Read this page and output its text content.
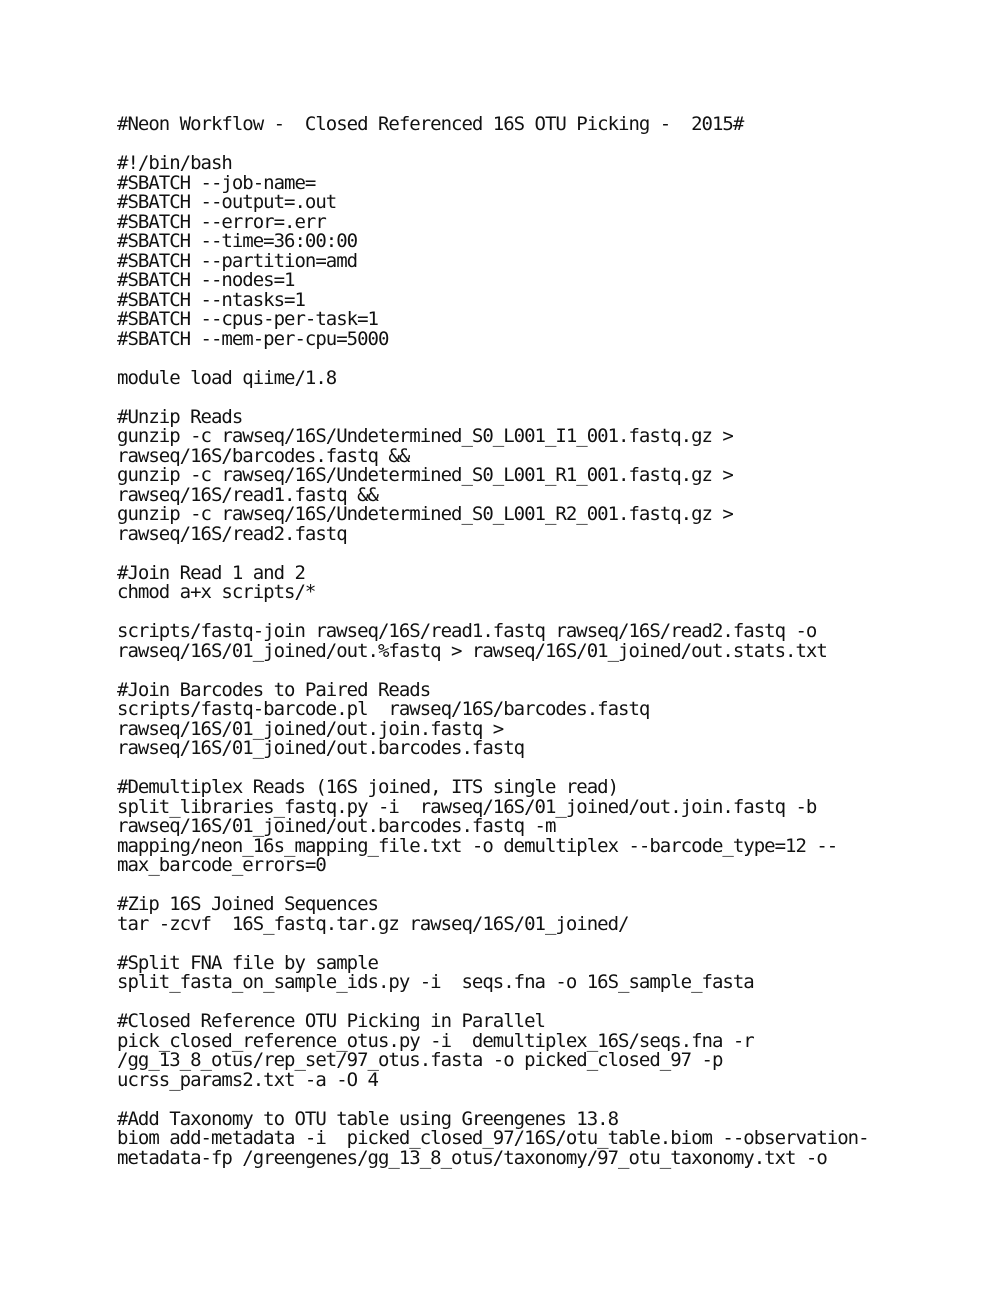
#Neon Workflow - Closed Referenced 16S OTU Picking - 2015#

#!/bin/bash
#SBATCH --job-name=
#SBATCH --output=.out
#SBATCH --error=.err
#SBATCH --time=36:00:00
#SBATCH --partition=amd
#SBATCH --nodes=1
#SBATCH --ntasks=1
#SBATCH --cpus-per-task=1
#SBATCH --mem-per-cpu=5000

module load qiime/1.8

#Unzip Reads
gunzip -c rawseq/16S/Undetermined_S0_L001_I1_001.fastq.gz >
rawseq/16S/barcodes.fastq &&
gunzip -c rawseq/16S/Undetermined_S0_L001_R1_001.fastq.gz >
rawseq/16S/read1.fastq &&
gunzip -c rawseq/16S/Undetermined_S0_L001_R2_001.fastq.gz >
rawseq/16S/read2.fastq

#Join Read 1 and 2
chmod a+x scripts/*

scripts/fastq-join rawseq/16S/read1.fastq rawseq/16S/read2.fastq -o
rawseq/16S/01_joined/out.%fastq > rawseq/16S/01_joined/out.stats.txt

#Join Barcodes to Paired Reads
scripts/fastq-barcode.pl rawseq/16S/barcodes.fastq
rawseq/16S/01_joined/out.join.fastq >
rawseq/16S/01_joined/out.barcodes.fastq

#Demultiplex Reads (16S joined, ITS single read)
split_libraries_fastq.py -i rawseq/16S/01_joined/out.join.fastq -b
rawseq/16S/01_joined/out.barcodes.fastq -m
mapping/neon_16s_mapping_file.txt -o demultiplex --barcode_type=12 --
max_barcode_errors=0

#Zip 16S Joined Sequences
tar -zcvf 16S_fastq.tar.gz rawseq/16S/01_joined/

#Split FNA file by sample
split_fasta_on_sample_ids.py -i seqs.fna -o 16S_sample_fasta

#Closed Reference OTU Picking in Parallel
pick_closed_reference_otus.py -i demultiplex_16S/seqs.fna -r
/gg_13_8_otus/rep_set/97_otus.fasta -o picked_closed_97 -p
ucrss_params2.txt -a -O 4

#Add Taxonomy to OTU table using Greengenes 13.8
biom add-metadata -i picked_closed_97/16S/otu_table.biom --observation-
metadata-fp /greengenes/gg_13_8_otus/taxonomy/97_otu_taxonomy.txt -o
